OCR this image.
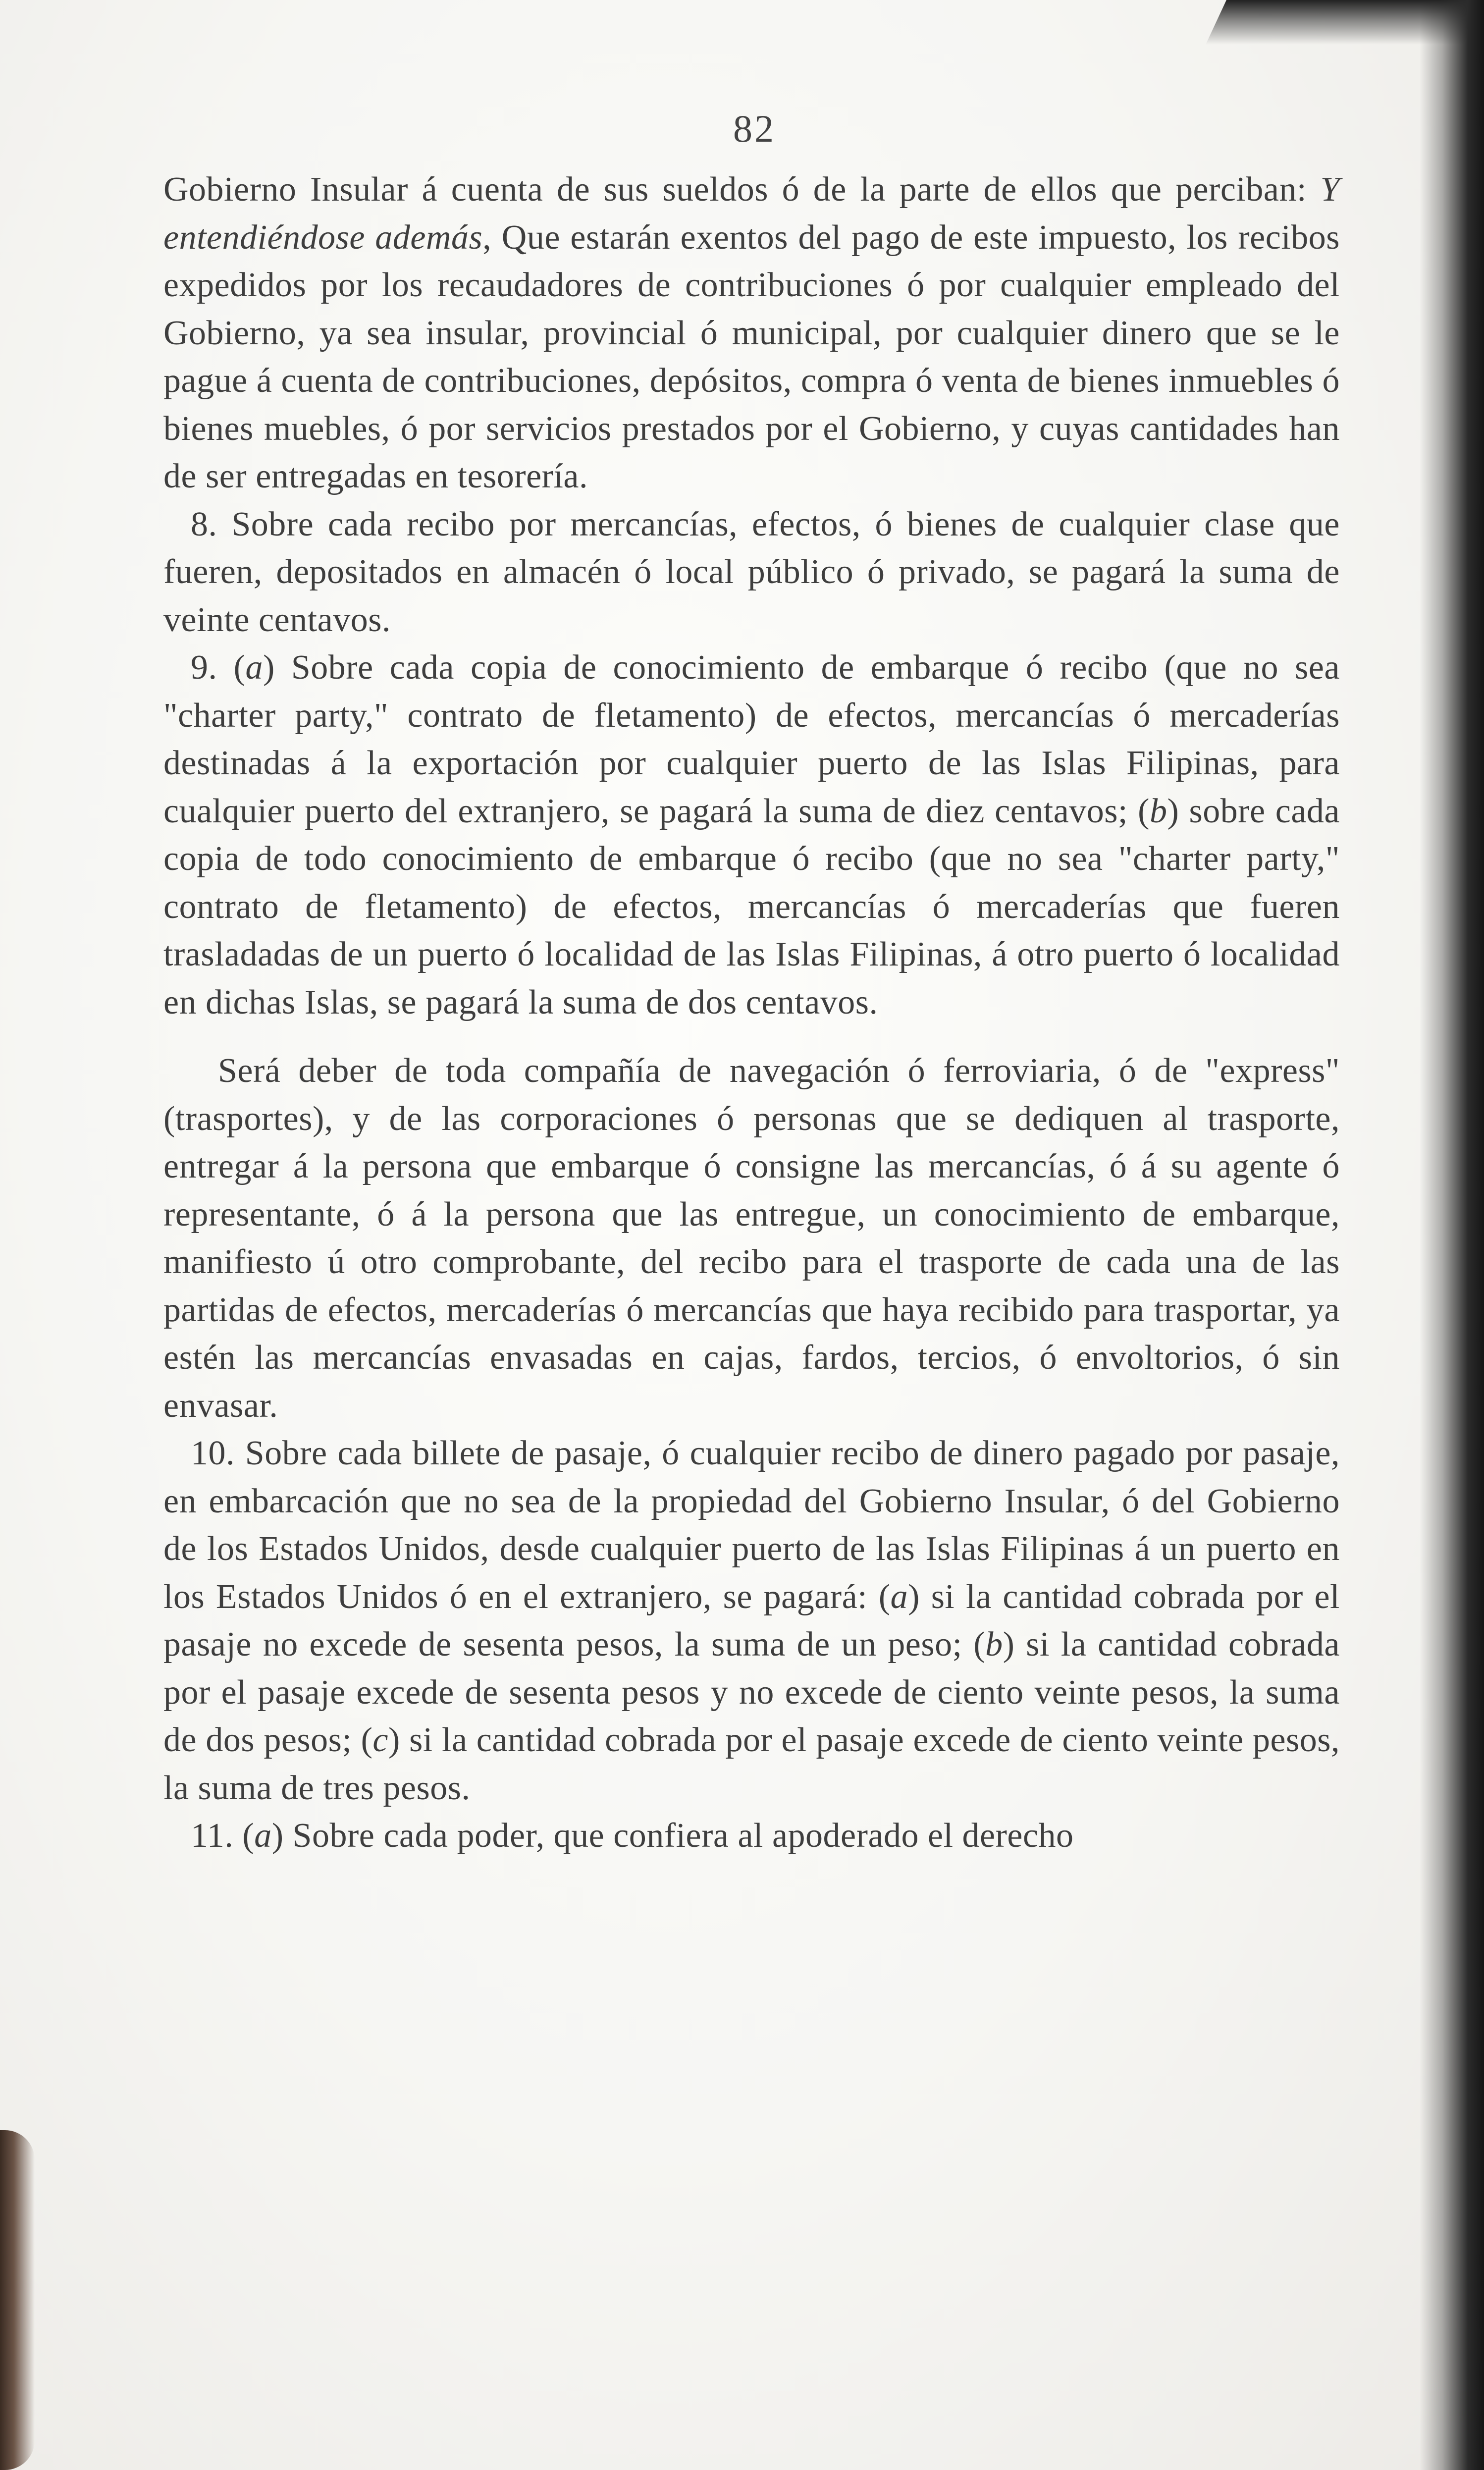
82

Gobierno Insular á cuenta de sus sueldos ó de la parte de ellos que perciban: Y entendiéndose además, Que estarán exentos del pago de este impuesto, los recibos expedidos por los recaudadores de contribuciones ó por cualquier empleado del Gobierno, ya sea insular, provincial ó municipal, por cualquier dinero que se le pague á cuenta de contribuciones, depósitos, compra ó venta de bienes inmuebles ó bienes muebles, ó por servicios prestados por el Gobierno, y cuyas cantidades han de ser entregadas en tesorería.

8. Sobre cada recibo por mercancías, efectos, ó bienes de cualquier clase que fueren, depositados en almacén ó local público ó privado, se pagará la suma de veinte centavos.

9. (a) Sobre cada copia de conocimiento de embarque ó recibo (que no sea "charter party," contrato de fletamento) de efectos, mercancías ó mercaderías destinadas á la exportación por cualquier puerto de las Islas Filipinas, para cualquier puerto del extranjero, se pagará la suma de diez centavos; (b) sobre cada copia de todo conocimiento de embarque ó recibo (que no sea "charter party," contrato de fletamento) de efectos, mercancías ó mercaderías que fueren trasladadas de un puerto ó localidad de las Islas Filipinas, á otro puerto ó localidad en dichas Islas, se pagará la suma de dos centavos.

Será deber de toda compañía de navegación ó ferroviaria, ó de "express" (trasportes), y de las corporaciones ó personas que se dediquen al trasporte, entregar á la persona que embarque ó consigne las mercancías, ó á su agente ó representante, ó á la persona que las entregue, un conocimiento de embarque, manifiesto ú otro comprobante, del recibo para el trasporte de cada una de las partidas de efectos, mercaderías ó mercancías que haya recibido para trasportar, ya estén las mercancías envasadas en cajas, fardos, tercios, ó envoltorios, ó sin envasar.

10. Sobre cada billete de pasaje, ó cualquier recibo de dinero pagado por pasaje, en embarcación que no sea de la propiedad del Gobierno Insular, ó del Gobierno de los Estados Unidos, desde cualquier puerto de las Islas Filipinas á un puerto en los Estados Unidos ó en el extranjero, se pagará: (a) si la cantidad cobrada por el pasaje no excede de sesenta pesos, la suma de un peso; (b) si la cantidad cobrada por el pasaje excede de sesenta pesos y no excede de ciento veinte pesos, la suma de dos pesos; (c) si la cantidad cobrada por el pasaje excede de ciento veinte pesos, la suma de tres pesos.

11. (a) Sobre cada poder, que confiera al apoderado el derecho
